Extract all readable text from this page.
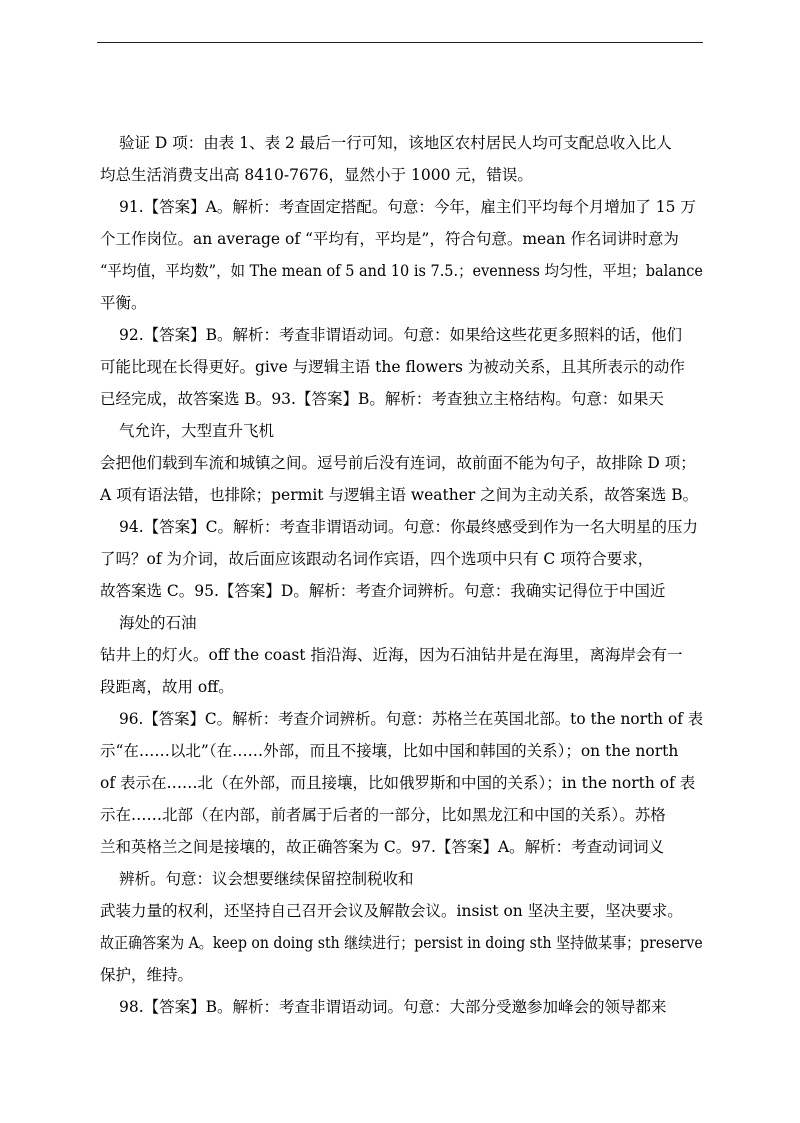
验证 D 项：由表 1、表 2 最后一行可知，该地区农村居民人均可支配总收入比人
均总生活消费支出高 8410-7676，显然小于 1000 元，错误。
91.【答案】A。解析：考查固定搭配。句意：今年，雇主们平均每个月增加了 15 万
个工作岗位。an average of “平均有，平均是”，符合句意。mean 作名词讲时意为
“平均值，平均数”，如 The mean of 5 and 10 is 7.5.；evenness 均匀性，平坦；balance
平衡。
92.【答案】B。解析：考查非谓语动词。句意：如果给这些花更多照料的话，他们
可能比现在长得更好。give 与逻辑主语 the flowers 为被动关系，且其所表示的动作
已经完成，故答案选 B。93.【答案】B。解析：考查独立主格结构。句意：如果天
气允许，大型直升飞机
会把他们载到车流和城镇之间。逗号前后没有连词，故前面不能为句子，故排除 D 项；
A 项有语法错，也排除；permit 与逻辑主语 weather 之间为主动关系，故答案选 B。
94.【答案】C。解析：考查非谓语动词。句意：你最终感受到作为一名大明星的压力
了吗？of 为介词，故后面应该跟动名词作宾语，四个选项中只有 C 项符合要求，
故答案选 C。95.【答案】D。解析：考查介词辨析。句意：我确实记得位于中国近
海处的石油
钻井上的灯火。off the coast 指沿海、近海，因为石油钻井是在海里，离海岸会有一
段距离，故用 off。
96.【答案】C。解析：考查介词辨析。句意：苏格兰在英国北部。to the north of 表
示“在……以北”（在……外部，而且不接壤，比如中国和韩国的关系）；on the north
of 表示在……北（在外部，而且接壤，比如俄罗斯和中国的关系）；in the north of 表
示在……北部（在内部，前者属于后者的一部分，比如黑龙江和中国的关系）。苏格
兰和英格兰之间是接壤的，故正确答案为 C。97.【答案】A。解析：考查动词词义
辨析。句意：议会想要继续保留控制税收和
武装力量的权利，还坚持自己召开会议及解散会议。insist on 坚决主要，坚决要求。
故正确答案为 A。keep on doing sth 继续进行；persist in doing sth 坚持做某事；preserve
保护，维持。
98.【答案】B。解析：考查非谓语动词。句意：大部分受邀参加峰会的领导都来
